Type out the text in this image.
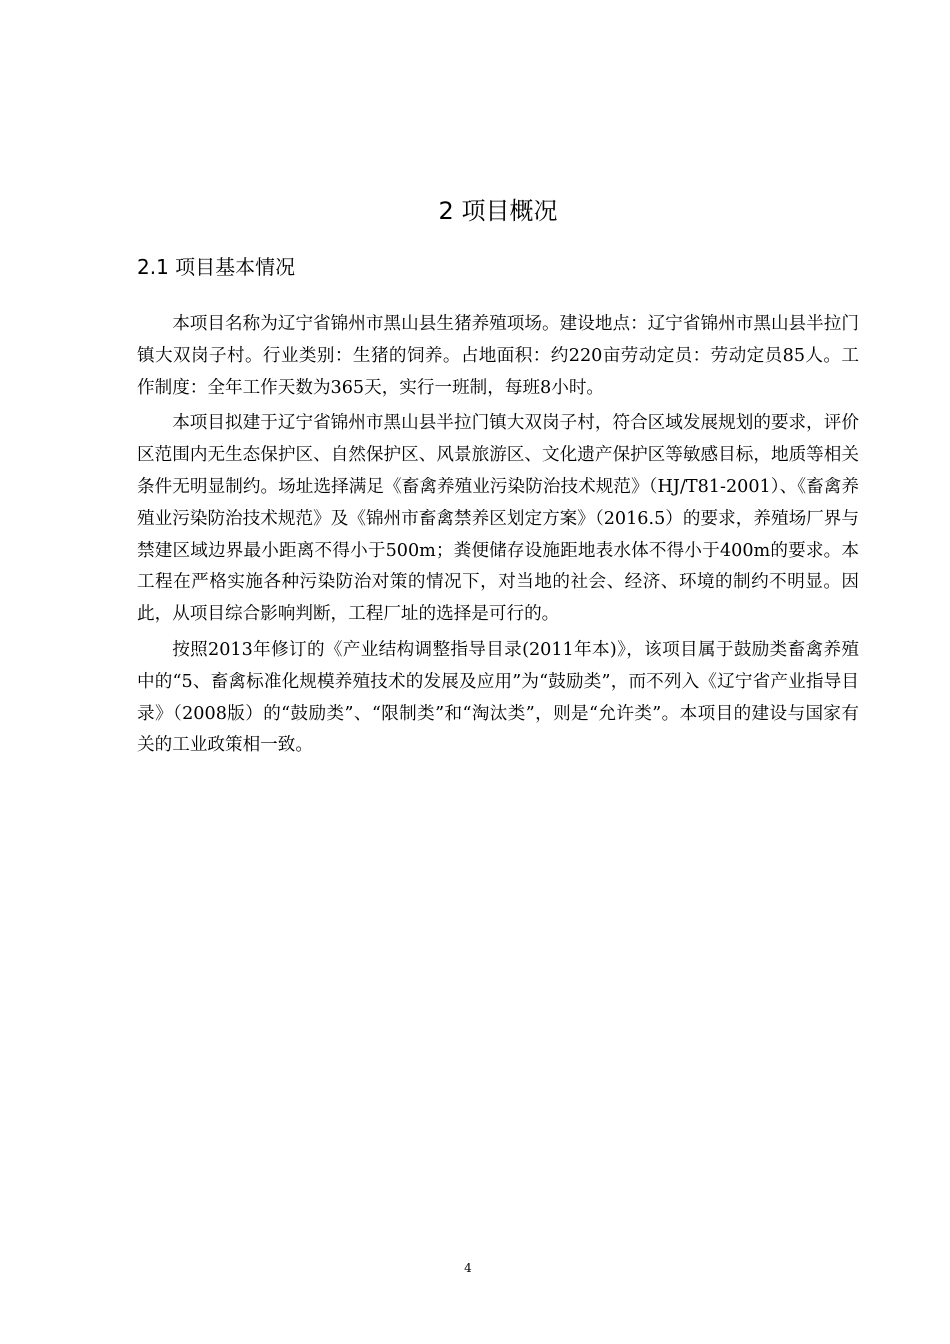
2 项目概况
2.1 项目基本情况

本项目名称为辽宁省锦州市黑山县生猪养殖项场。建设地点：辽宁省锦州市黑山县半拉门镇大双岗子村。行业类别：生猪的饲养。占地面积：约220亩劳动定员：劳动定员85人。工作制度：全年工作天数为365天，实行一班制，每班8小时。

本项目拟建于辽宁省锦州市黑山县半拉门镇大双岗子村，符合区域发展规划的要求，评价区范围内无生态保护区、自然保护区、风景旅游区、文化遗产保护区等敏感目标，地质等相关条件无明显制约。场址选择满足《畜禽养殖业污染防治技术规范》（HJ/T81-2001）、《畜禽养殖业污染防治技术规范》及《锦州市畜禽禁养区划定方案》（2016.5）的要求，养殖场厂界与禁建区域边界最小距离不得小于500m；粪便储存设施距地表水体不得小于400m的要求。本工程在严格实施各种污染防治对策的情况下，对当地的社会、经济、环境的制约不明显。因此，从项目综合影响判断，工程厂址的选择是可行的。

按照2013年修订的《产业结构调整指导目录(2011年本)》，该项目属于鼓励类畜禽养殖中的“5、畜禽标准化规模养殖技术的发展及应用”为“鼓励类”，而不列入《辽宁省产业指导目录》（2008版）的“鼓励类”、“限制类”和“淘汰类”，则是“允许类”。本项目的建设与国家有关的工业政策相一致。

4
